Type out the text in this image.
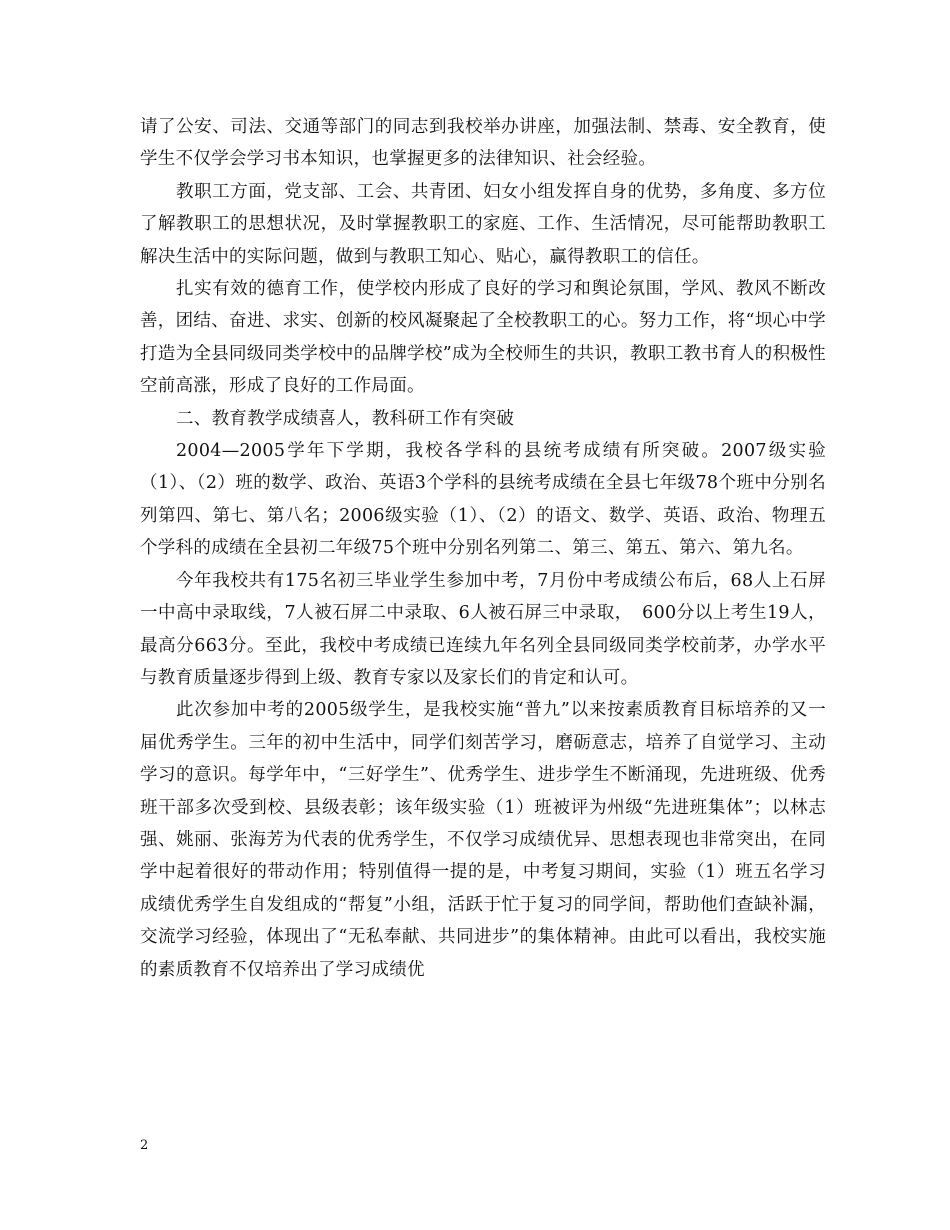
请了公安、司法、交通等部门的同志到我校举办讲座，加强法制、禁毒、安全教育，使学生不仅学会学习书本知识，也掌握更多的法律知识、社会经验。

教职工方面，党支部、工会、共青团、妇女小组发挥自身的优势，多角度、多方位了解教职工的思想状况，及时掌握教职工的家庭、工作、生活情况，尽可能帮助教职工解决生活中的实际问题，做到与教职工知心、贴心，赢得教职工的信任。

扎实有效的德育工作，使学校内形成了良好的学习和舆论氛围，学风、教风不断改善，团结、奋进、求实、创新的校风凝聚起了全校教职工的心。努力工作，将“坝心中学打造为全县同级同类学校中的品牌学校”成为全校师生的共识，教职工教书育人的积极性空前高涨，形成了良好的工作局面。

二、教育教学成绩喜人，教科研工作有突破

2004—2005学年下学期，我校各学科的县统考成绩有所突破。2007级实验（1）、（2）班的数学、政治、英语3个学科的县统考成绩在全县七年级78个班中分别名列第四、第七、第八名；2006级实验（1）、（2）的语文、数学、英语、政治、物理五个学科的成绩在全县初二年级75个班中分别名列第二、第三、第五、第六、第九名。

今年我校共有175名初三毕业学生参加中考，7月份中考成绩公布后，68人上石屏一中高中录取线，7人被石屏二中录取、6人被石屏三中录取，　600分以上考生19人，最高分663分。至此，我校中考成绩已连续九年名列全县同级同类学校前茅，办学水平与教育质量逐步得到上级、教育专家以及家长们的肯定和认可。

此次参加中考的2005级学生，是我校实施“普九”以来按素质教育目标培养的又一届优秀学生。三年的初中生活中，同学们刻苦学习，磨砺意志，培养了自觉学习、主动学习的意识。每学年中，“三好学生”、优秀学生、进步学生不断涌现，先进班级、优秀班干部多次受到校、县级表彰；该年级实验（1）班被评为州级“先进班集体”；以林志强、姚丽、张海芳为代表的优秀学生，不仅学习成绩优异、思想表现也非常突出，在同学中起着很好的带动作用；特别值得一提的是，中考复习期间，实验（1）班五名学习成绩优秀学生自发组成的“帮复”小组，活跃于忙于复习的同学间，帮助他们查缺补漏，交流学习经验，体现出了“无私奉献、共同进步”的集体精神。由此可以看出，我校实施的素质教育不仅培养出了学习成绩优

2
